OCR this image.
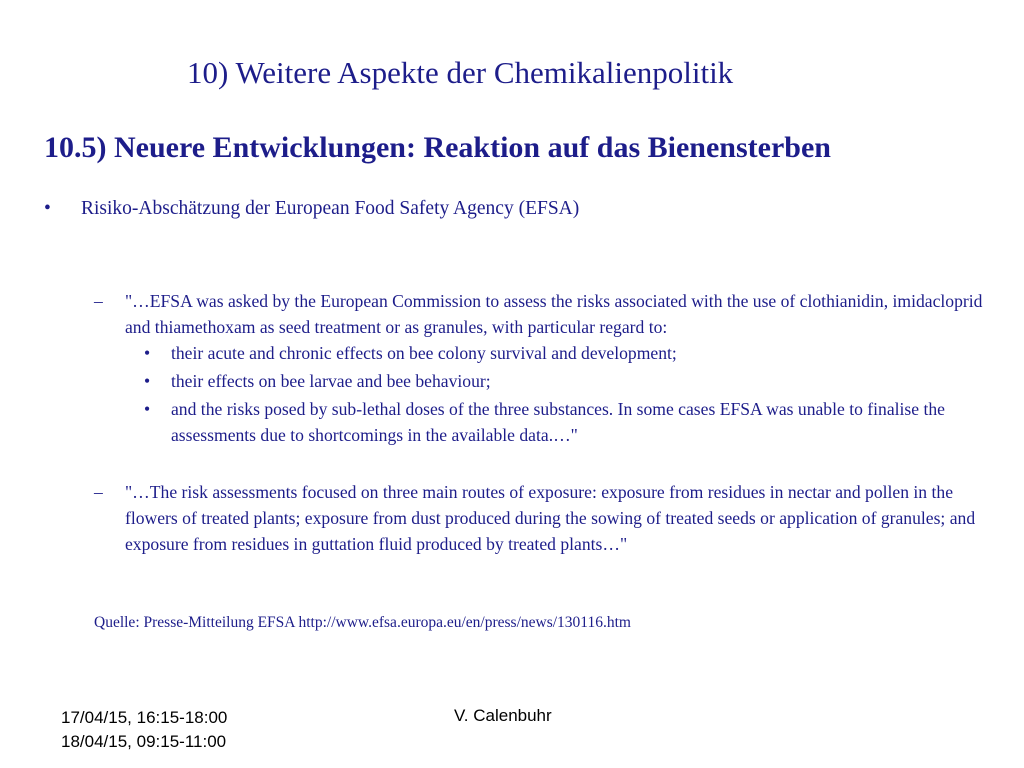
10) Weitere Aspekte der Chemikalienpolitik
10.5) Neuere Entwicklungen: Reaktion auf das Bienensterben
• Risiko-Abschätzung der European Food Safety Agency (EFSA)
– "…EFSA was asked by the European Commission to assess the risks associated with the use of clothianidin, imidacloprid and thiamethoxam as seed treatment or as granules, with particular regard to:
• their acute and chronic effects on bee colony survival and development;
• their effects on bee larvae and bee behaviour;
• and the risks posed by sub-lethal doses of the three substances. In some cases EFSA was unable to finalise the assessments due to shortcomings in the available data.…"
– "…The risk assessments focused on three main routes of exposure: exposure from residues in nectar and pollen in the flowers of treated plants; exposure from dust produced during the sowing of treated seeds or application of granules; and exposure from residues in guttation fluid produced by treated plants…"
Quelle: Presse-Mitteilung EFSA http://www.efsa.europa.eu/en/press/news/130116.htm
17/04/15, 16:15-18:00
18/04/15, 09:15-11:00
V. Calenbuhr
